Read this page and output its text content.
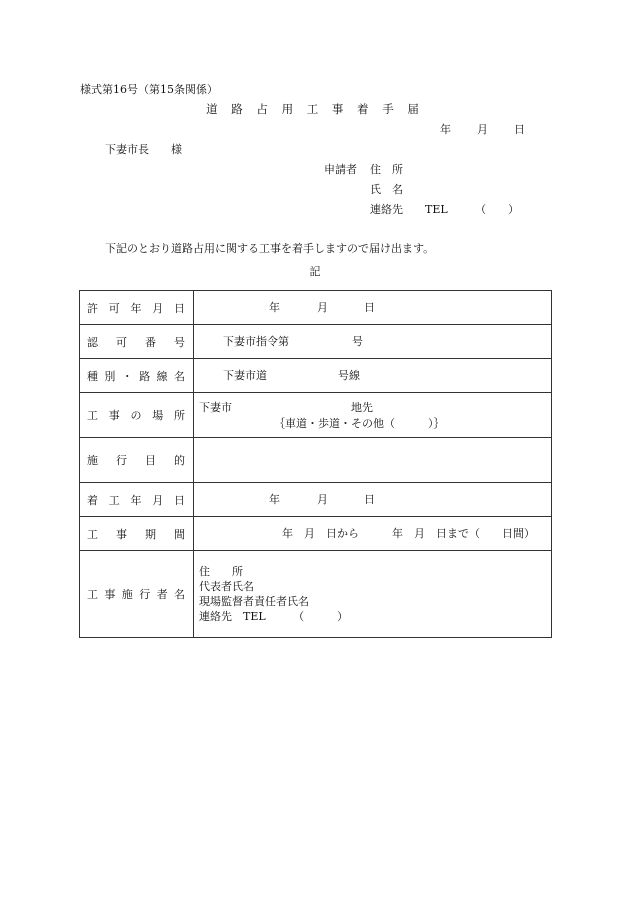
様式第16号（第15条関係）
道 路 占 用 工 事 着 手 届
年 月 日
下妻市長　　様
申請者 住　所
氏　名
連絡先　　TEL　　　（　　）
下記のとおり道路占用に関する工事を着手しますので届け出ます。
記
許可年月日	年 月 日

認可番号	下妻市指令第 号

種別・路線名	下妻市道 号線

工事の場所	下妻市 地先
｛車道・歩道・その他（　　　）｝

施行目的	
着工年月日	年 月 日

工事期間	年　月　日から　　　年　月　日まで（　　日間）

工事施行者名	住　　所
代表者氏名
現場監督者責任者氏名
連絡先　TEL　　　（　　　）
